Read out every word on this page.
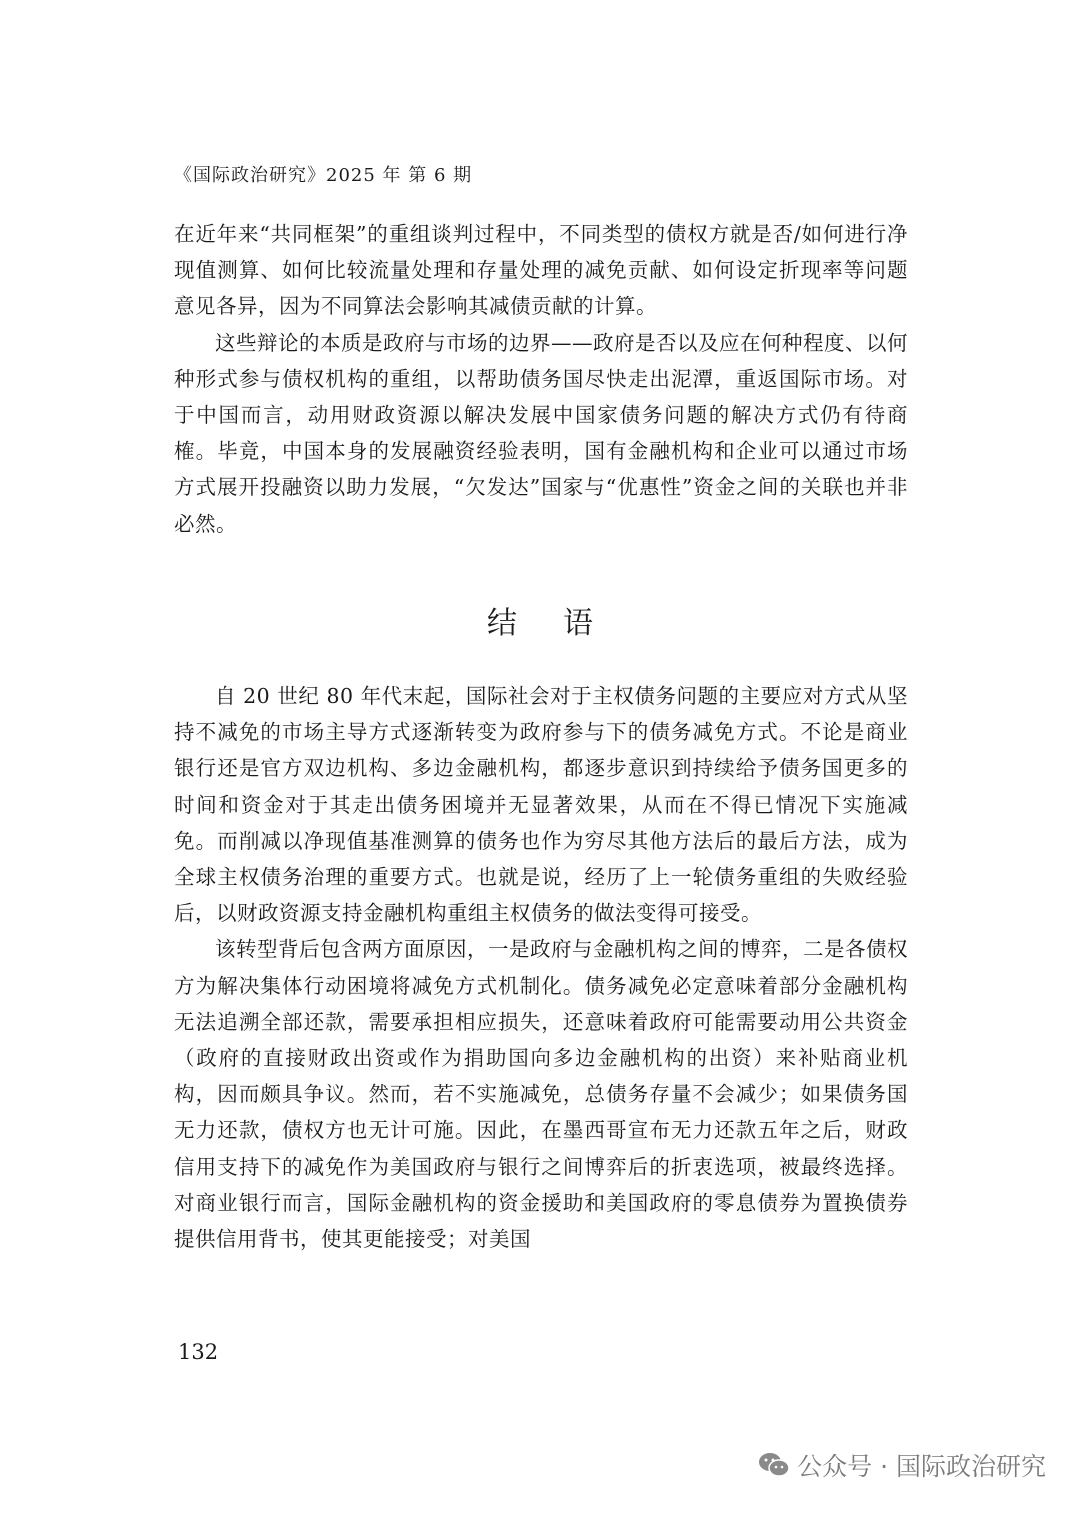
《国际政治研究》2025 年 第 6 期

在近年来“共同框架”的重组谈判过程中，不同类型的债权方就是否/如何进行净现值测算、如何比较流量处理和存量处理的减免贡献、如何设定折现率等问题意见各异，因为不同算法会影响其减债贡献的计算。

这些辩论的本质是政府与市场的边界——政府是否以及应在何种程度、以何种形式参与债权机构的重组，以帮助债务国尽快走出泥潭，重返国际市场。对于中国而言，动用财政资源以解决发展中国家债务问题的解决方式仍有待商榷。毕竟，中国本身的发展融资经验表明，国有金融机构和企业可以通过市场方式展开投融资以助力发展，“欠发达”国家与“优惠性”资金之间的关联也并非必然。

结语

自 20 世纪 80 年代末起，国际社会对于主权债务问题的主要应对方式从坚持不减免的市场主导方式逐渐转变为政府参与下的债务减免方式。不论是商业银行还是官方双边机构、多边金融机构，都逐步意识到持续给予债务国更多的时间和资金对于其走出债务困境并无显著效果，从而在不得已情况下实施减免。而削减以净现值基准测算的债务也作为穷尽其他方法后的最后方法，成为全球主权债务治理的重要方式。也就是说，经历了上一轮债务重组的失败经验后，以财政资源支持金融机构重组主权债务的做法变得可接受。

该转型背后包含两方面原因，一是政府与金融机构之间的博弈，二是各债权方为解决集体行动困境将减免方式机制化。债务减免必定意味着部分金融机构无法追溯全部还款，需要承担相应损失，还意味着政府可能需要动用公共资金（政府的直接财政出资或作为捐助国向多边金融机构的出资）来补贴商业机构，因而颇具争议。然而，若不实施减免，总债务存量不会减少；如果债务国无力还款，债权方也无计可施。因此，在墨西哥宣布无力还款五年之后，财政信用支持下的减免作为美国政府与银行之间博弈后的折衷选项，被最终选择。对商业银行而言，国际金融机构的资金援助和美国政府的零息债券为置换债券提供信用背书，使其更能接受；对美国

132
公众号 · 国际政治研究
